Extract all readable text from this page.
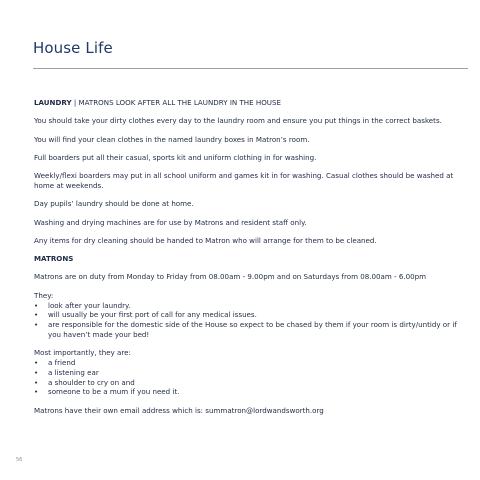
House Life

LAUNDRY | MATRONS LOOK AFTER ALL THE LAUNDRY IN THE HOUSE

You should take your dirty clothes every day to the laundry room and ensure you put things in the correct baskets.

You will find your clean clothes in the named laundry boxes in Matron’s room.

Full boarders put all their casual, sports kit and uniform clothing in for washing.

Weekly/flexi boarders may put in all school uniform and games kit in for washing. Casual clothes should be washed at home at weekends.

Day pupils’ laundry should be done at home.

Washing and drying machines are for use by Matrons and resident staff only.

Any items for dry cleaning should be handed to Matron who will arrange for them to be cleaned.

MATRONS

Matrons are on duty from Monday to Friday from 08.00am - 9.00pm and on Saturdays from 08.00am - 6.00pm

They:
•	look after your laundry.
•	will usually be your first port of call for any medical issues.
•	are responsible for the domestic side of the House so expect to be chased by them if your room is dirty/untidy or if you haven’t made your bed!
Most importantly, they are:
•	a friend
•	a listening ear
•	a shoulder to cry on and
•	someone to be a mum if you need it.

Matrons have their own email address which is: summatron@lordwandsworth.org

56
